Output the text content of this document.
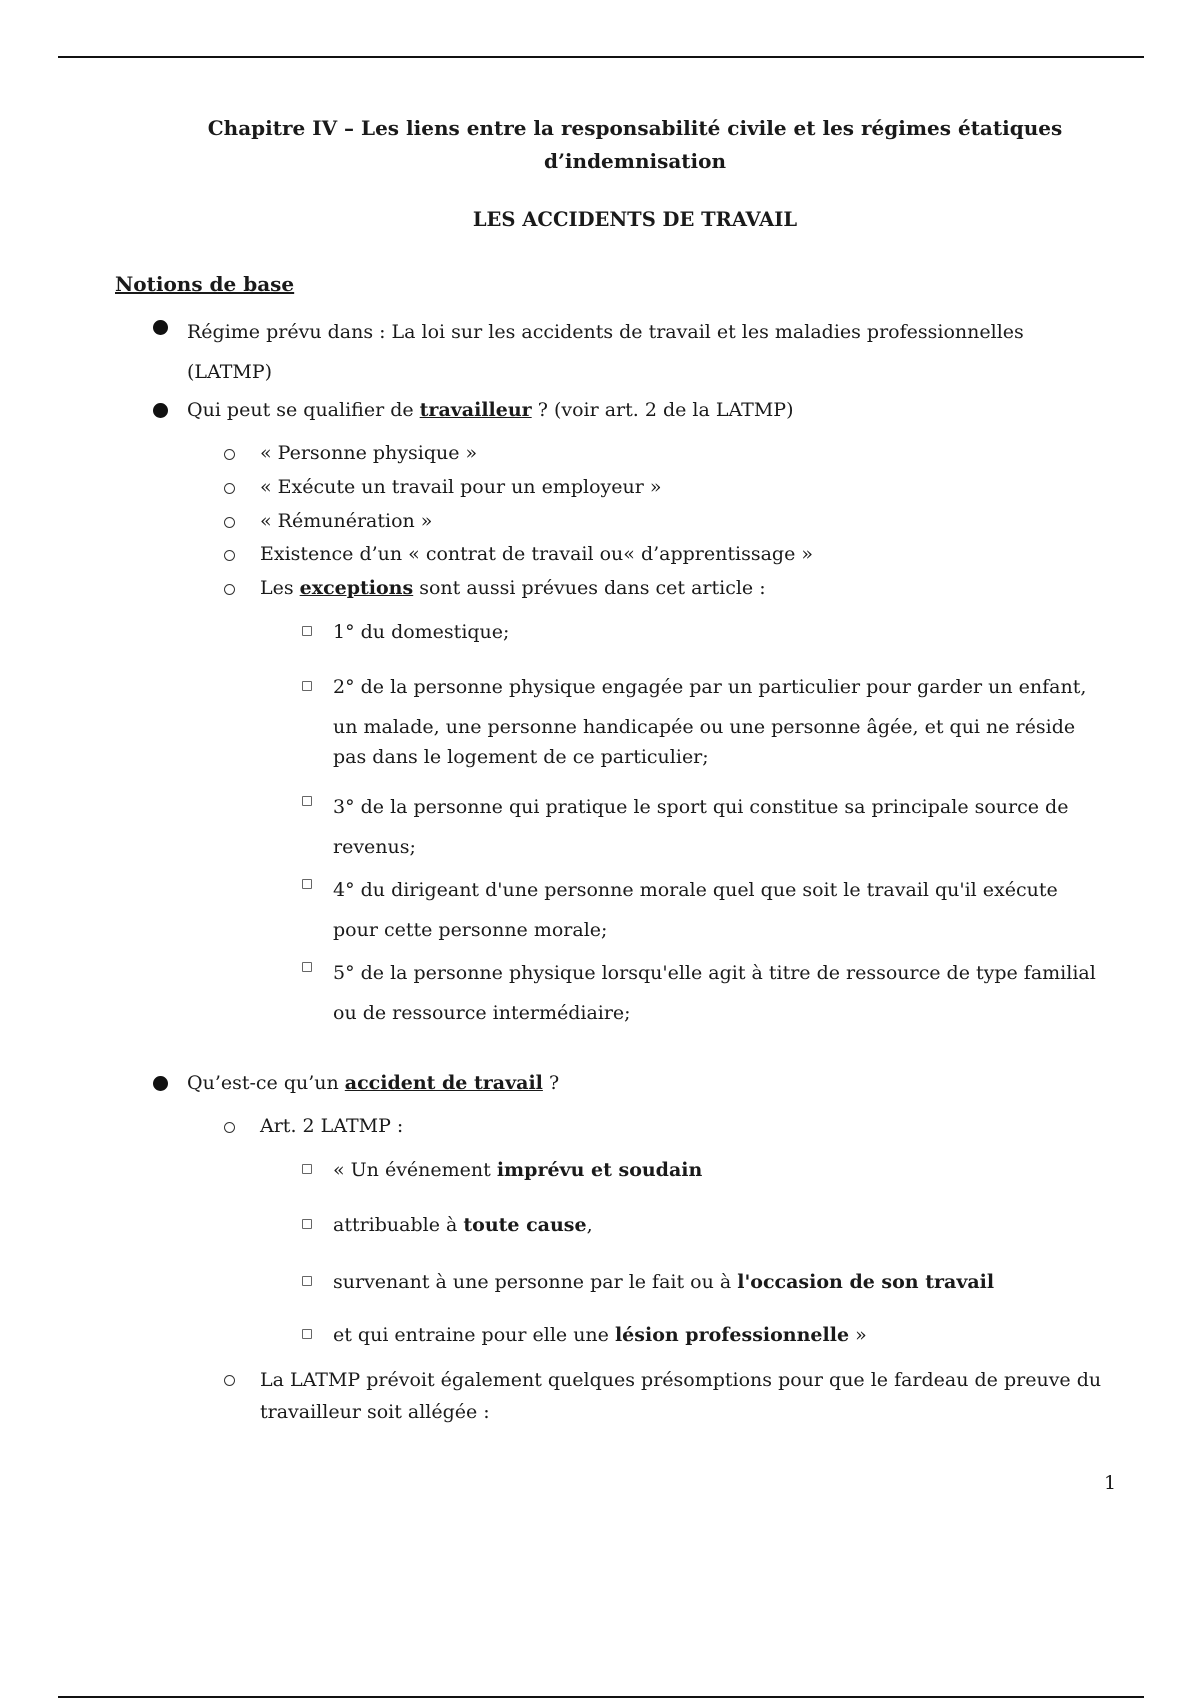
Chapitre IV – Les liens entre la responsabilité civile et les régimes étatiques
d’indemnisation
LES ACCIDENTS DE TRAVAIL
Notions de base
Régime prévu dans : La loi sur les accidents de travail et les maladies professionnelles
(LATMP)
Qui peut se qualifier de travailleur ? (voir art. 2 de la LATMP)
« Personne physique »
« Exécute un travail pour un employeur »
« Rémunération »
Existence d’un « contrat de travail ou« d’apprentissage »
Les exceptions sont aussi prévues dans cet article :
1° du domestique;
2° de la personne physique engagée par un particulier pour garder un enfant,
un malade, une personne handicapée ou une personne âgée, et qui ne réside
pas dans le logement de ce particulier;
3° de la personne qui pratique le sport qui constitue sa principale source de
revenus;
4° du dirigeant d'une personne morale quel que soit le travail qu'il exécute
pour cette personne morale;
5° de la personne physique lorsqu'elle agit à titre de ressource de type familial
ou de ressource intermédiaire;
Qu’est-ce qu’un accident de travail ?
Art. 2 LATMP :
« Un événement imprévu et soudain
attribuable à toute cause,
survenant à une personne par le fait ou à l'occasion de son travail
et qui entraine pour elle une lésion professionnelle »
La LATMP prévoit également quelques présomptions pour que le fardeau de preuve du
travailleur soit allégée :
1
